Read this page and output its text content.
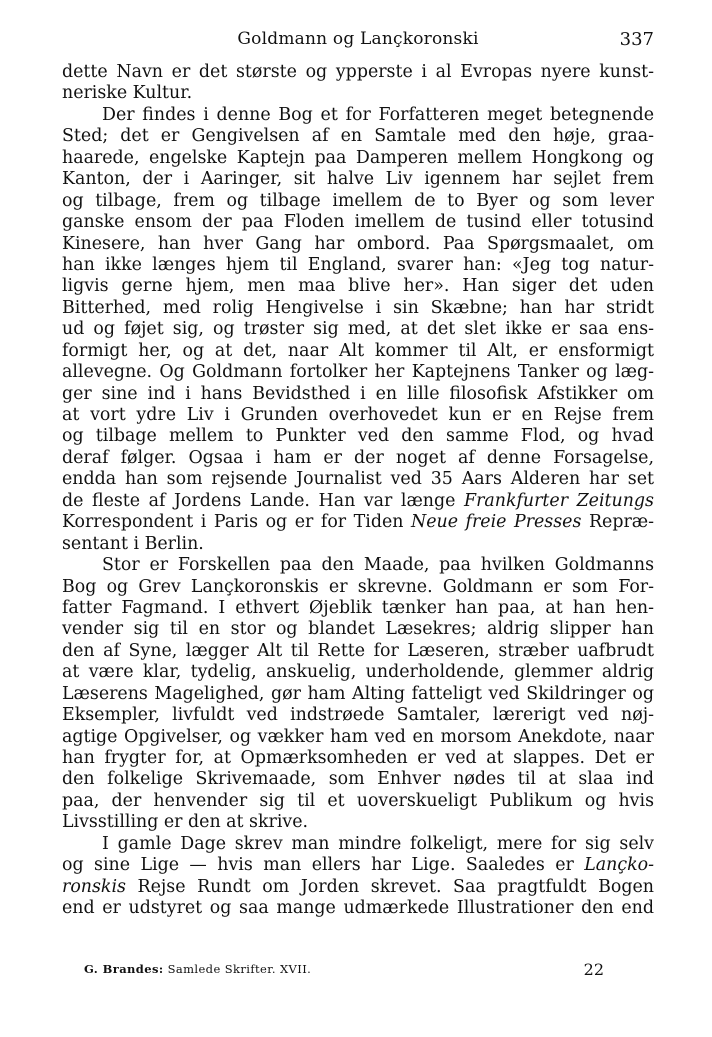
Goldmann og Lançkoronski	337
dette Navn er det største og ypperste i al Evropas nyere kunst-
neriske Kultur.
Der findes i denne Bog et for Forfatteren meget betegnende
Sted; det er Gengivelsen af en Samtale med den høje, graa-
haarede, engelske Kaptejn paa Damperen mellem Hongkong og
Kanton, der i Aaringer, sit halve Liv igennem har sejlet frem
og tilbage, frem og tilbage imellem de to Byer og som lever
ganske ensom der paa Floden imellem de tusind eller totusind
Kinesere, han hver Gang har ombord. Paa Spørgsmaalet, om
han ikke længes hjem til England, svarer han: «Jeg tog natur-
ligvis gerne hjem, men maa blive her». Han siger det uden
Bitterhed, med rolig Hengivelse i sin Skæbne; han har stridt
ud og føjet sig, og trøster sig med, at det slet ikke er saa ens-
formigt her, og at det, naar Alt kommer til Alt, er ensformigt
allevegne. Og Goldmann fortolker her Kaptejnens Tanker og læg-
ger sine ind i hans Bevidsthed i en lille filosofisk Afstikker om
at vort ydre Liv i Grunden overhovedet kun er en Rejse frem
og tilbage mellem to Punkter ved den samme Flod, og hvad
deraf følger. Ogsaa i ham er der noget af denne Forsagelse,
endda han som rejsende Journalist ved 35 Aars Alderen har set
de fleste af Jordens Lande. Han var længe Frankfurter Zeitungs
Korrespondent i Paris og er for Tiden Neue freie Presses Repræ-
sentant i Berlin.
Stor er Forskellen paa den Maade, paa hvilken Goldmanns
Bog og Grev Lançkoronskis er skrevne. Goldmann er som For-
fatter Fagmand. I ethvert Øjeblik tænker han paa, at han hen-
vender sig til en stor og blandet Læsekres; aldrig slipper han
den af Syne, lægger Alt til Rette for Læseren, stræber uafbrudt
at være klar, tydelig, anskuelig, underholdende, glemmer aldrig
Læserens Magelighed, gør ham Alting fatteligt ved Skildringer og
Eksempler, livfuldt ved indstrøede Samtaler, lærerigt ved nøj-
agtige Opgivelser, og vækker ham ved en morsom Anekdote, naar
han frygter for, at Opmærksomheden er ved at slappes. Det er
den folkelige Skrivemaade, som Enhver nødes til at slaa ind
paa, der henvender sig til et uoverskueligt Publikum og hvis
Livsstilling er den at skrive.
I gamle Dage skrev man mindre folkeligt, mere for sig selv
og sine Lige — hvis man ellers har Lige. Saaledes er Lançko-
ronskis Rejse Rundt om Jorden skrevet. Saa pragtfuldt Bogen
end er udstyret og saa mange udmærkede Illustrationer den end
G. Brandes: Samlede Skrifter. XVII.	22
